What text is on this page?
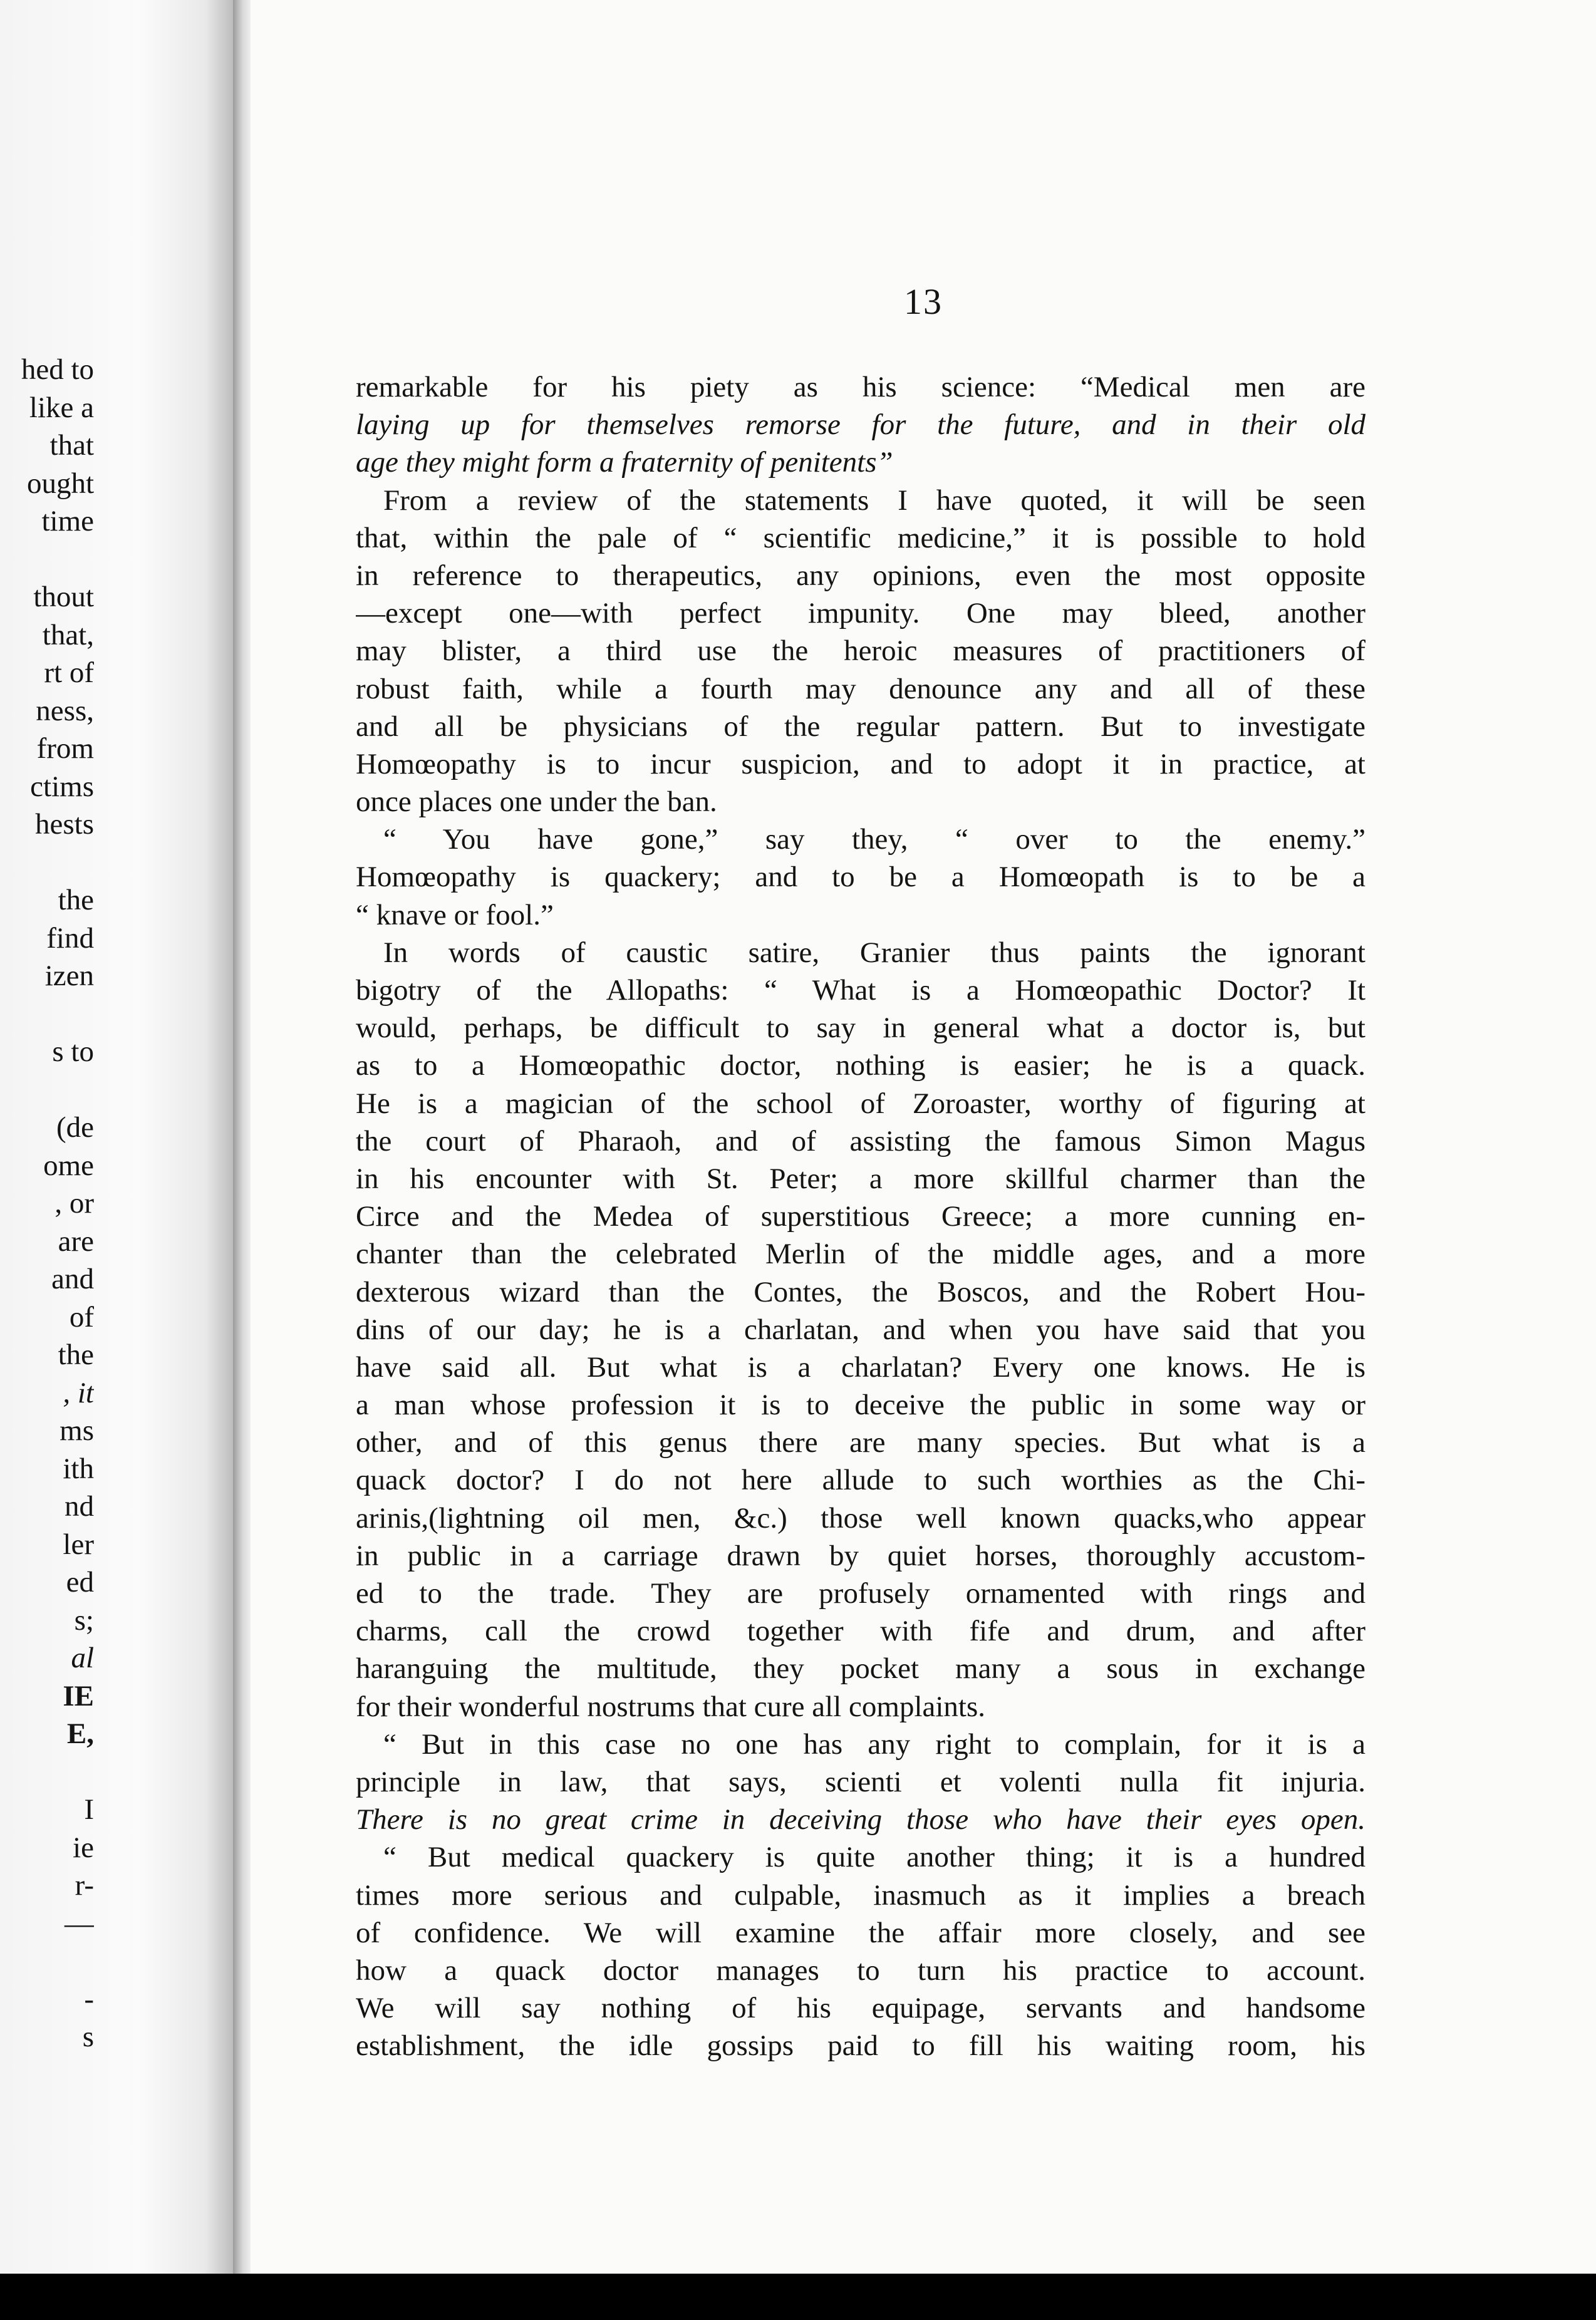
hed to
like a
that
ought
time
thout
that,
rt of
ness,
from
ctims
hests
the
find
izen
s to
(de
ome
, or
are
and
of
the
, it
ms
ith
nd
ler
ed
s;
al
IE
E,
I
ie
r-
—
-
s
13
remarkable for his piety as his science: “Medical men are
laying up for themselves remorse for the future, and in their old
age they might form a fraternity of penitents”
From a review of the statements I have quoted, it will be seen
that, within the pale of “ scientific medicine,” it is possible to hold
in reference to therapeutics, any opinions, even the most opposite
—except one—with perfect impunity. One may bleed, another
may blister, a third use the heroic measures of practitioners of
robust faith, while a fourth may denounce any and all of these
and all be physicians of the regular pattern. But to investigate
Homœopathy is to incur suspicion, and to adopt it in practice, at
once places one under the ban.
“ You have gone,” say they, “ over to the enemy.”
Homœopathy is quackery; and to be a Homœopath is to be a
“ knave or fool.”
In words of caustic satire, Granier thus paints the ignorant
bigotry of the Allopaths: “ What is a Homœopathic Doctor? It
would, perhaps, be difficult to say in general what a doctor is, but
as to a Homœopathic doctor, nothing is easier; he is a quack.
He is a magician of the school of Zoroaster, worthy of figuring at
the court of Pharaoh, and of assisting the famous Simon Magus
in his encounter with St. Peter; a more skillful charmer than the
Circe and the Medea of superstitious Greece; a more cunning en-
chanter than the celebrated Merlin of the middle ages, and a more
dexterous wizard than the Contes, the Boscos, and the Robert Hou-
dins of our day; he is a charlatan, and when you have said that you
have said all. But what is a charlatan? Every one knows. He is
a man whose profession it is to deceive the public in some way or
other, and of this genus there are many species. But what is a
quack doctor? I do not here allude to such worthies as the Chi-
arinis,(lightning oil men, &c.) those well known quacks,who appear
in public in a carriage drawn by quiet horses, thoroughly accustom-
ed to the trade. They are profusely ornamented with rings and
charms, call the crowd together with fife and drum, and after
haranguing the multitude, they pocket many a sous in exchange
for their wonderful nostrums that cure all complaints.
“ But in this case no one has any right to complain, for it is a
principle in law, that says, scienti et volenti nulla fit injuria.
There is no great crime in deceiving those who have their eyes open.
“ But medical quackery is quite another thing; it is a hundred
times more serious and culpable, inasmuch as it implies a breach
of confidence. We will examine the affair more closely, and see
how a quack doctor manages to turn his practice to account.
We will say nothing of his equipage, servants and handsome
establishment, the idle gossips paid to fill his waiting room, his
